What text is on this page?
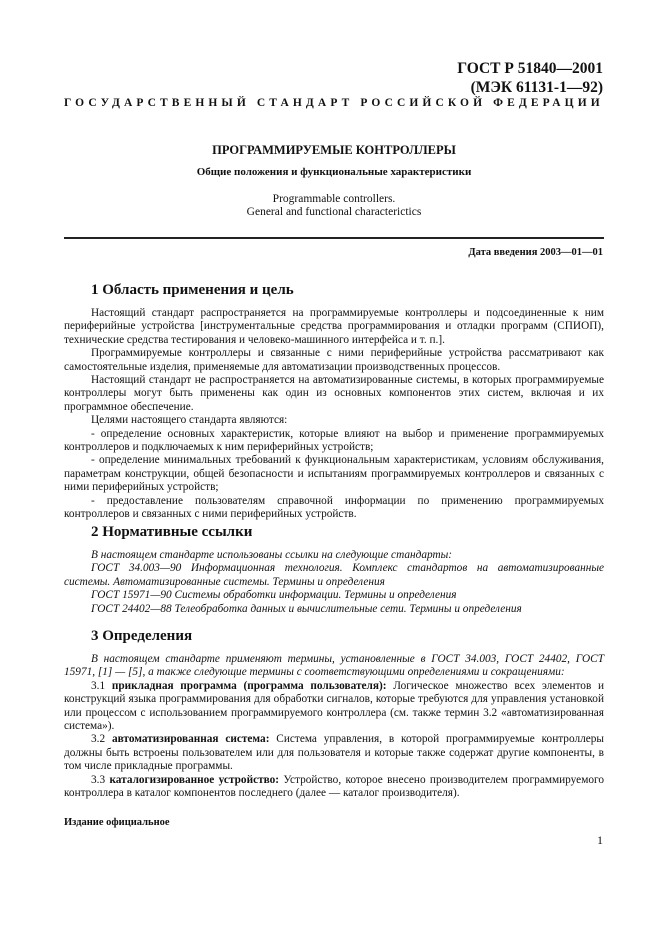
ГОСТ Р 51840—2001
(МЭК 61131-1—92)
ГОСУДАРСТВЕННЫЙ СТАНДАРТ РОССИЙСКОЙ ФЕДЕРАЦИИ
ПРОГРАММИРУЕМЫЕ КОНТРОЛЛЕРЫ
Общие положения и функциональные характеристики
Programmable controllers.
General and functional characterictics
Дата введения 2003—01—01
1 Область применения и цель

Настоящий стандарт распространяется на программируемые контроллеры и подсоединенные к ним периферийные устройства [инструментальные средства программирования и отладки программ (СПИОП), технические средства тестирования и человеко-машинного интерфейса и т. п.].

Программируемые контроллеры и связанные с ними периферийные устройства рассматривают как самостоятельные изделия, применяемые для автоматизации производственных процессов.

Настоящий стандарт не распространяется на автоматизированные системы, в которых программируемые контроллеры могут быть применены как один из основных компонентов этих систем, включая и их программное обеспечение.

Целями настоящего стандарта являются:

- определение основных характеристик, которые влияют на выбор и применение программируемых контроллеров и подключаемых к ним периферийных устройств;

- определение минимальных требований к функциональным характеристикам, условиям обслуживания, параметрам конструкции, общей безопасности и испытаниям программируемых контроллеров и связанных с ними периферийных устройств;

- предоставление пользователям справочной информации по применению программируемых контроллеров и связанных с ними периферийных устройств.

2 Нормативные ссылки

В настоящем стандарте использованы ссылки на следующие стандарты:

ГОСТ 34.003—90 Информационная технология. Комплекс стандартов на автоматизированные системы. Автоматизированные системы. Термины и определения

ГОСТ 15971—90 Системы обработки информации. Термины и определения

ГОСТ 24402—88 Телеобработка данных и вычислительные сети. Термины и определения

3 Определения

В настоящем стандарте применяют термины, установленные в ГОСТ 34.003, ГОСТ 24402, ГОСТ 15971, [1] — [5], а также следующие термины с соответствующими определениями и сокращениями:

3.1 прикладная программа (программа пользователя): Логическое множество всех элементов и конструкций языка программирования для обработки сигналов, которые требуются для управления установкой или процессом с использованием программируемого контроллера (см. также термин 3.2 «автоматизированная система»).

3.2 автоматизированная система: Система управления, в которой программируемые контроллеры должны быть встроены пользователем или для пользователя и которые также содержат другие компоненты, в том числе прикладные программы.

3.3 каталогизированное устройство: Устройство, которое внесено производителем программируемого контроллера в каталог компонентов последнего (далее — каталог производителя).

Издание официальное
1
